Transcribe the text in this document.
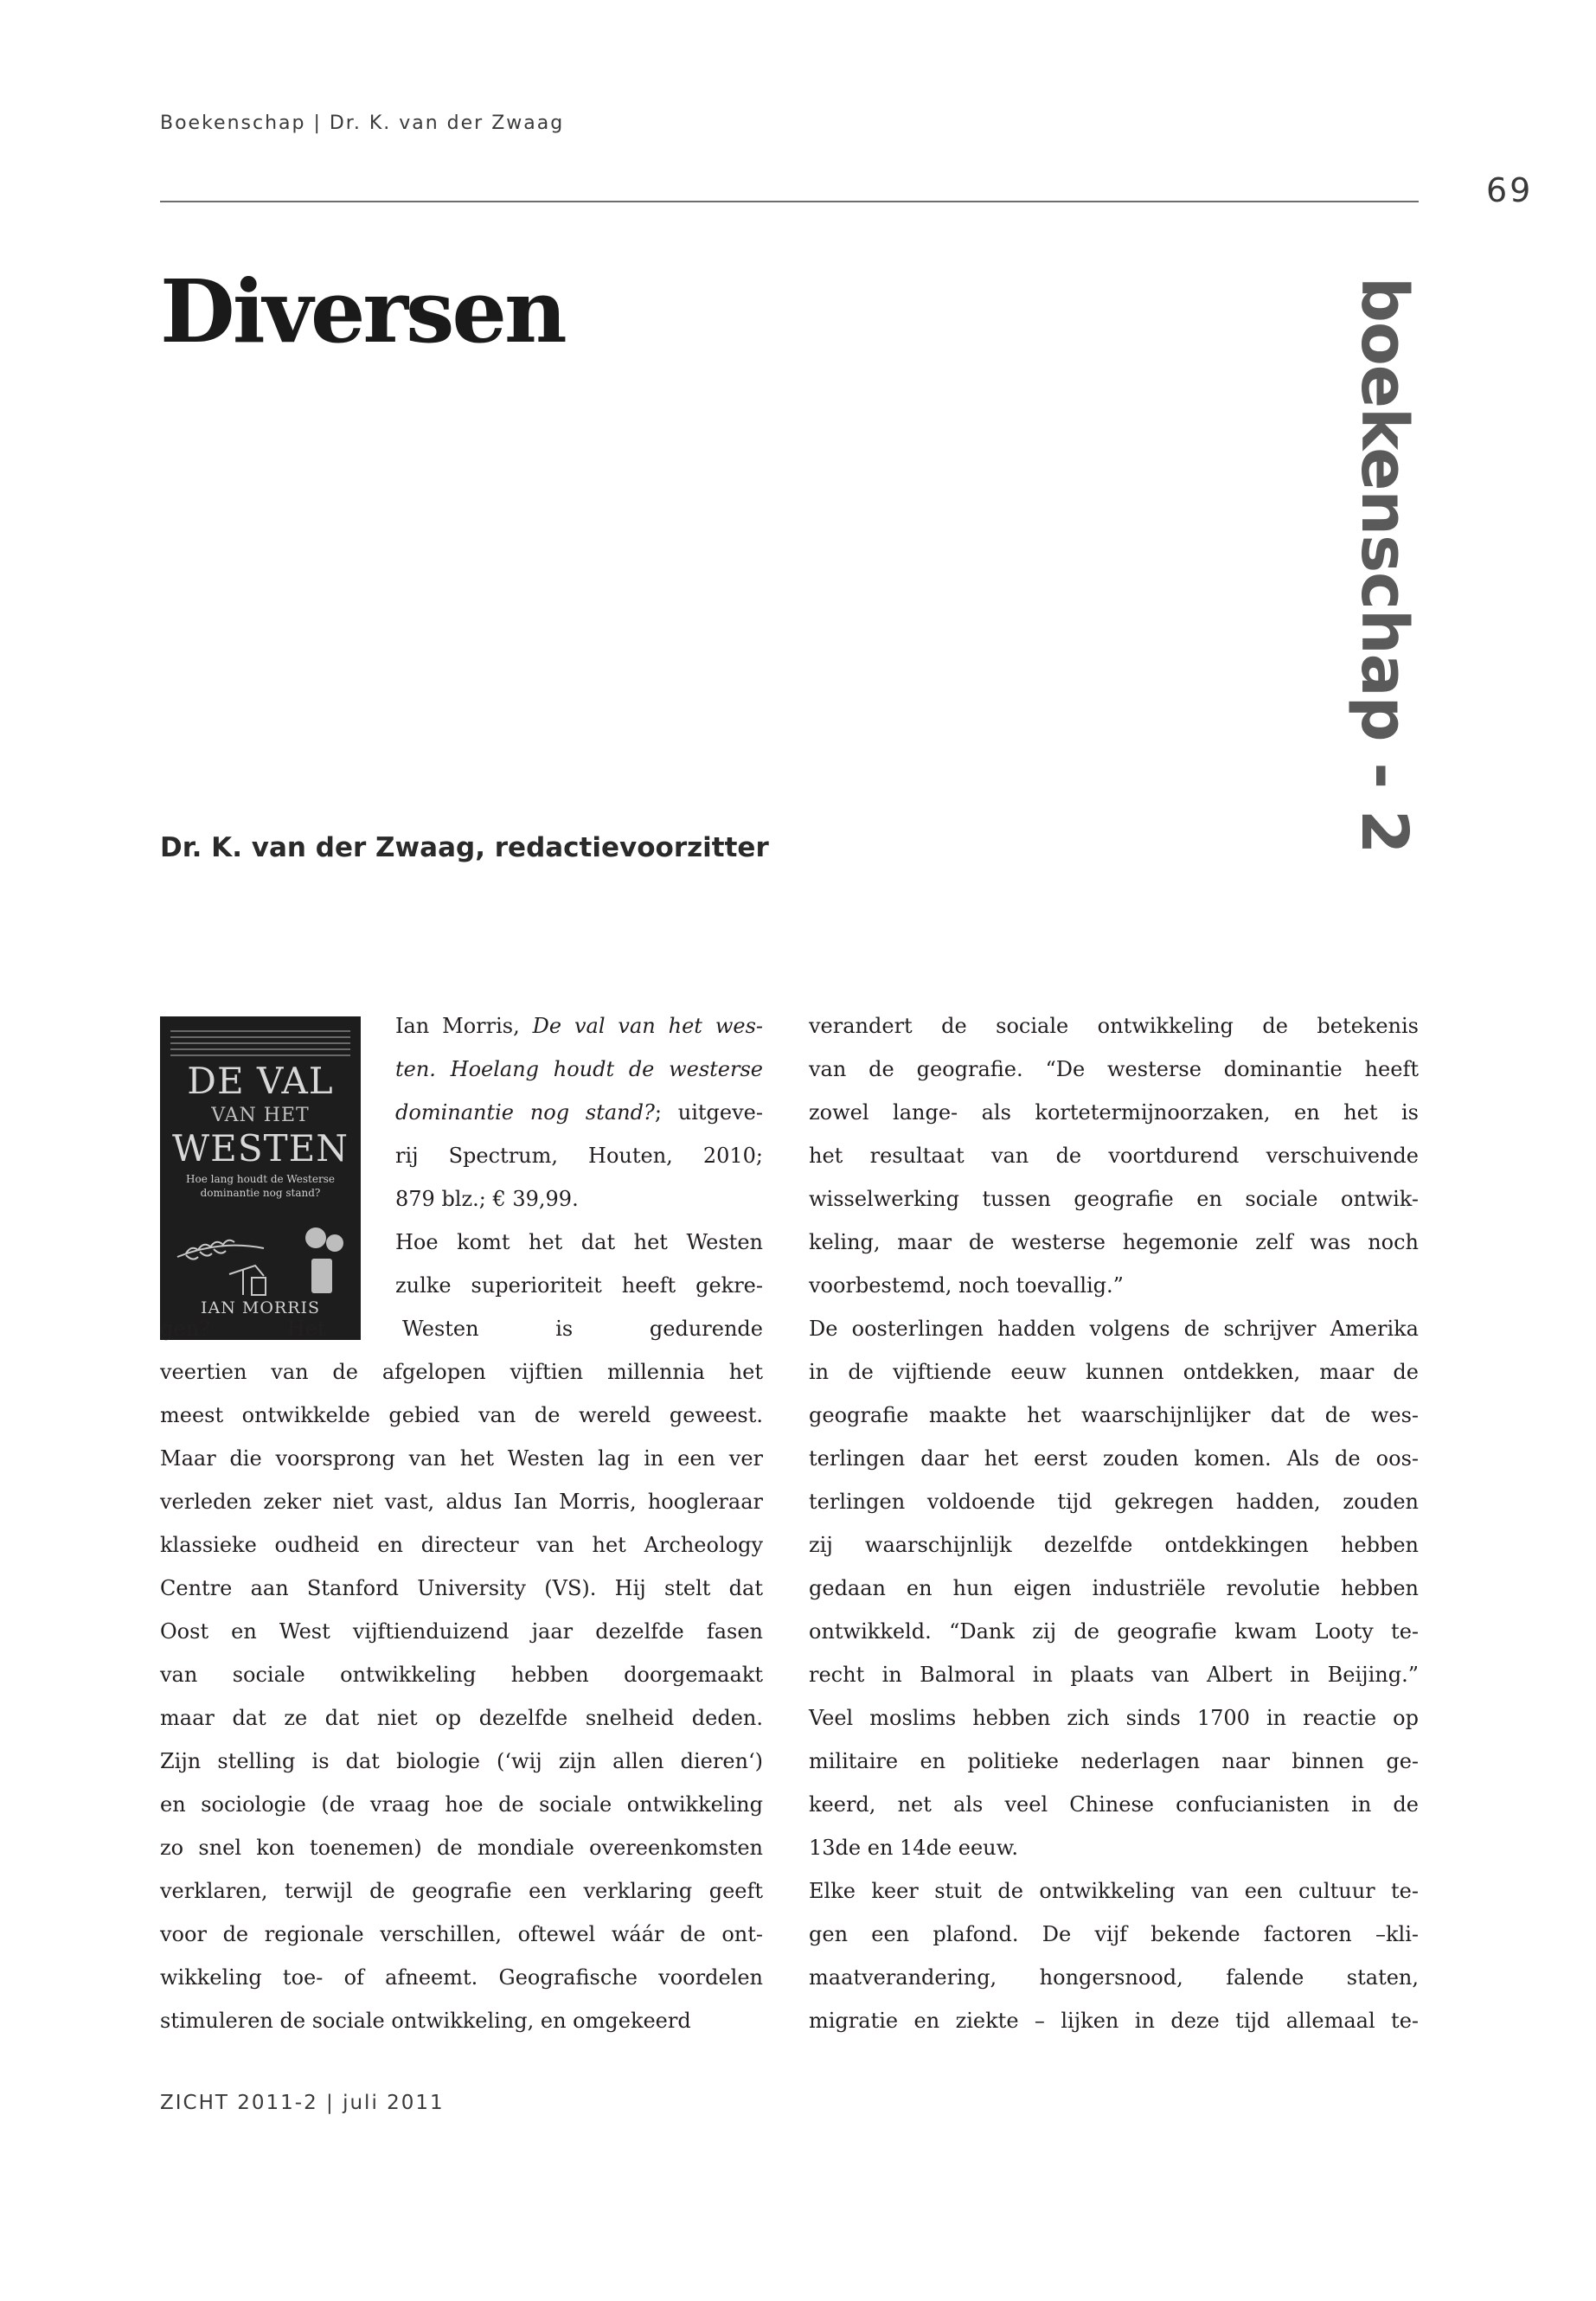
Boekenschap | Dr. K. van der Zwaag
69
Diversen	boekenschap - 2
Dr. K. van der Zwaag, redactievoorzitter
DE VAL
VAN HET
WESTEN
Hoe lang houdt de Westerse dominantie nog stand?
IAN MORRIS

Ian Morris, De val van het wes-
ten. Hoelang houdt de westerse
dominantie nog stand?; uitgeve-
rij Spectrum, Houten, 2010;
879 blz.; € 39,99.
Hoe komt het dat het Westen
zulke superioriteit heeft gekre-

gen? Het Westen is gedurende
veertien van de afgelopen vijftien millennia het
meest ontwikkelde gebied van de wereld geweest.
Maar die voorsprong van het Westen lag in een ver
verleden zeker niet vast, aldus Ian Morris, hoogleraar
klassieke oudheid en directeur van het Archeology
Centre aan Stanford University (VS). Hij stelt dat
Oost en West vijftienduizend jaar dezelfde fasen
van sociale ontwikkeling hebben doorgemaakt
maar dat ze dat niet op dezelfde snelheid deden.
Zijn stelling is dat biologie (‘wij zijn allen dieren‘)
en sociologie (de vraag hoe de sociale ontwikkeling
zo snel kon toenemen) de mondiale overeenkomsten
verklaren, terwijl de geografie een verklaring geeft
voor de regionale verschillen, oftewel wáár de ont-
wikkeling toe- of afneemt. Geografische voordelen
stimuleren de sociale ontwikkeling, en omgekeerd
verandert de sociale ontwikkeling de betekenis
van de geografie. “De westerse dominantie heeft
zowel lange- als kortetermijnoorzaken, en het is
het resultaat van de voortdurend verschuivende
wisselwerking tussen geografie en sociale ontwik-
keling, maar de westerse hegemonie zelf was noch
voorbestemd, noch toevallig.”
De oosterlingen hadden volgens de schrijver Amerika
in de vijftiende eeuw kunnen ontdekken, maar de
geografie maakte het waarschijnlijker dat de wes-
terlingen daar het eerst zouden komen. Als de oos-
terlingen voldoende tijd gekregen hadden, zouden
zij waarschijnlijk dezelfde ontdekkingen hebben
gedaan en hun eigen industriële revolutie hebben
ontwikkeld. “Dank zij de geografie kwam Looty te-
recht in Balmoral in plaats van Albert in Beijing.”
Veel moslims hebben zich sinds 1700 in reactie op
militaire en politieke nederlagen naar binnen ge-
keerd, net als veel Chinese confucianisten in de
13de en 14de eeuw.
Elke keer stuit de ontwikkeling van een cultuur te-
gen een plafond. De vijf bekende factoren –kli-
maatverandering, hongersnood, falende staten,
migratie en ziekte – lijken in deze tijd allemaal te-
ZICHT 2011-2 | juli 2011
